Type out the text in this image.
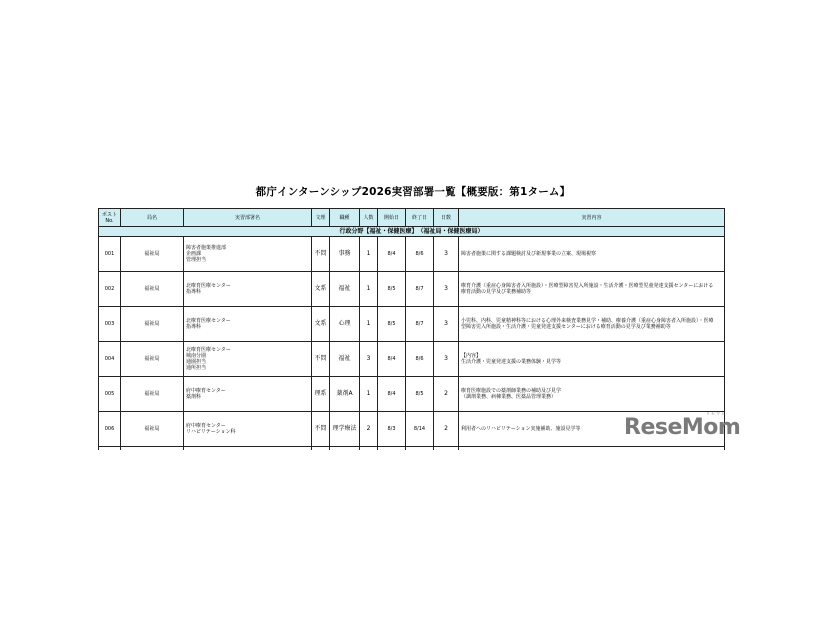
都庁インターンシップ2026実習部署一覧【概要版：第1ターム】
ポストNo.	局名	実習部署名	文理	職種	人数	開始日	終了日	日数	実習内容
行政分野【福祉・保健医療】　（福祉局・保健医療局）									
001	福祉局	障害者施策推進部
企画課
管理担当	不問	事務	1	8/4	8/6	3	障害者施策に関する課題検討及び新規事業の立案、現場視察

002	福祉局	北療育医療センター
指導科	文系	福祉	1	8/5	8/7	3	療育介護（重症心身障害者入所施設）・医療型障害児入所施設・生活介護・医療型児童発達支援センターにおける
療育活動の見学及び業務補助等

003	福祉局	北療育医療センター
指導科	文系	心理	1	8/5	8/7	3	小児科、内科、児童精神科等における心理外来検査業務見学・補助、療養介護（重症心身障害者入所施設）・医療
型障害児入所施設・生活介護・児童発達支援センターにおける療育活動の見学及び業務補助等

004	福祉局	北療育医療センター
城南分園
通園担当
通所担当	不問	福祉	3	8/4	8/6	3	【内容】
生活介護・児童発達支援の業務体験・見学等

005	福祉局	府中療育センター
薬剤科	理系	薬剤A	1	8/4	8/5	2	療育医療施設での薬剤師業務の補助及び見学
（調剤業務、病棟業務、医薬品管理業務）

006	福祉局	府中療育センター
リハビリテーション科	不問	理学療法	2	8/3	8/14	2	利用者へのリハビリテーション実施補助、施設見学等

リセマム
ReseMom
